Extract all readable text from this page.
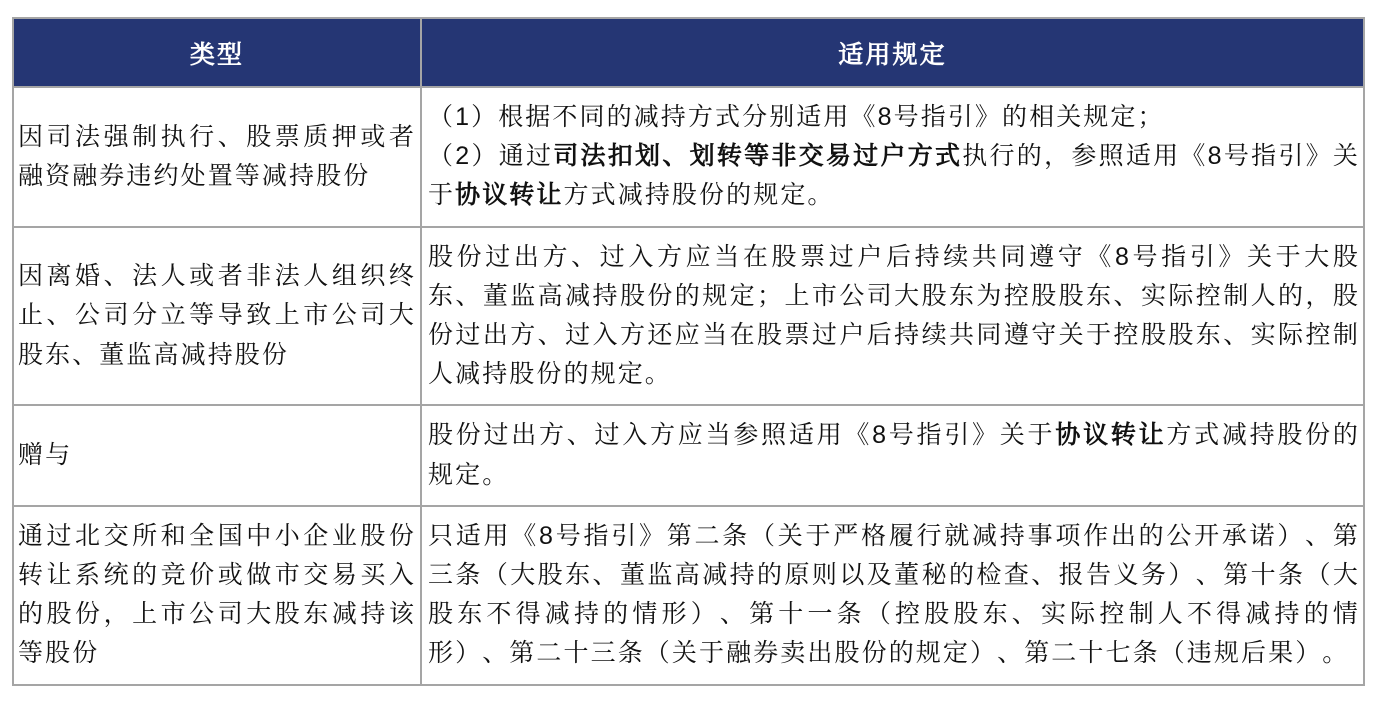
类型	适用规定

因司法强制执行、股票质押或者融资融券违约处置等减持股份

（1）根据不同的减持方式分别适用《8号指引》的相关规定；

（2）通过司法扣划、划转等非交易过户方式执行的，参照适用《8号指引》关于协议转让方式减持股份的规定。

因离婚、法人或者非法人组织终止、公司分立等导致上市公司大股东、董监高减持股份

股份过出方、过入方应当在股票过户后持续共同遵守《8号指引》关于大股东、董监高减持股份的规定；上市公司大股东为控股股东、实际控制人的，股份过出方、过入方还应当在股票过户后持续共同遵守关于控股股东、实际控制人减持股份的规定。

赠与

股份过出方、过入方应当参照适用《8号指引》关于协议转让方式减持股份的规定。

通过北交所和全国中小企业股份转让系统的竞价或做市交易买入的股份，上市公司大股东减持该等股份

只适用《8号指引》第二条（关于严格履行就减持事项作出的公开承诺）、第三条（大股东、董监高减持的原则以及董秘的检查、报告义务）、第十条（大股东不得减持的情形）、第十一条（控股股东、实际控制人不得减持的情形）、第二十三条（关于融券卖出股份的规定）、第二十七条（违规后果）。
